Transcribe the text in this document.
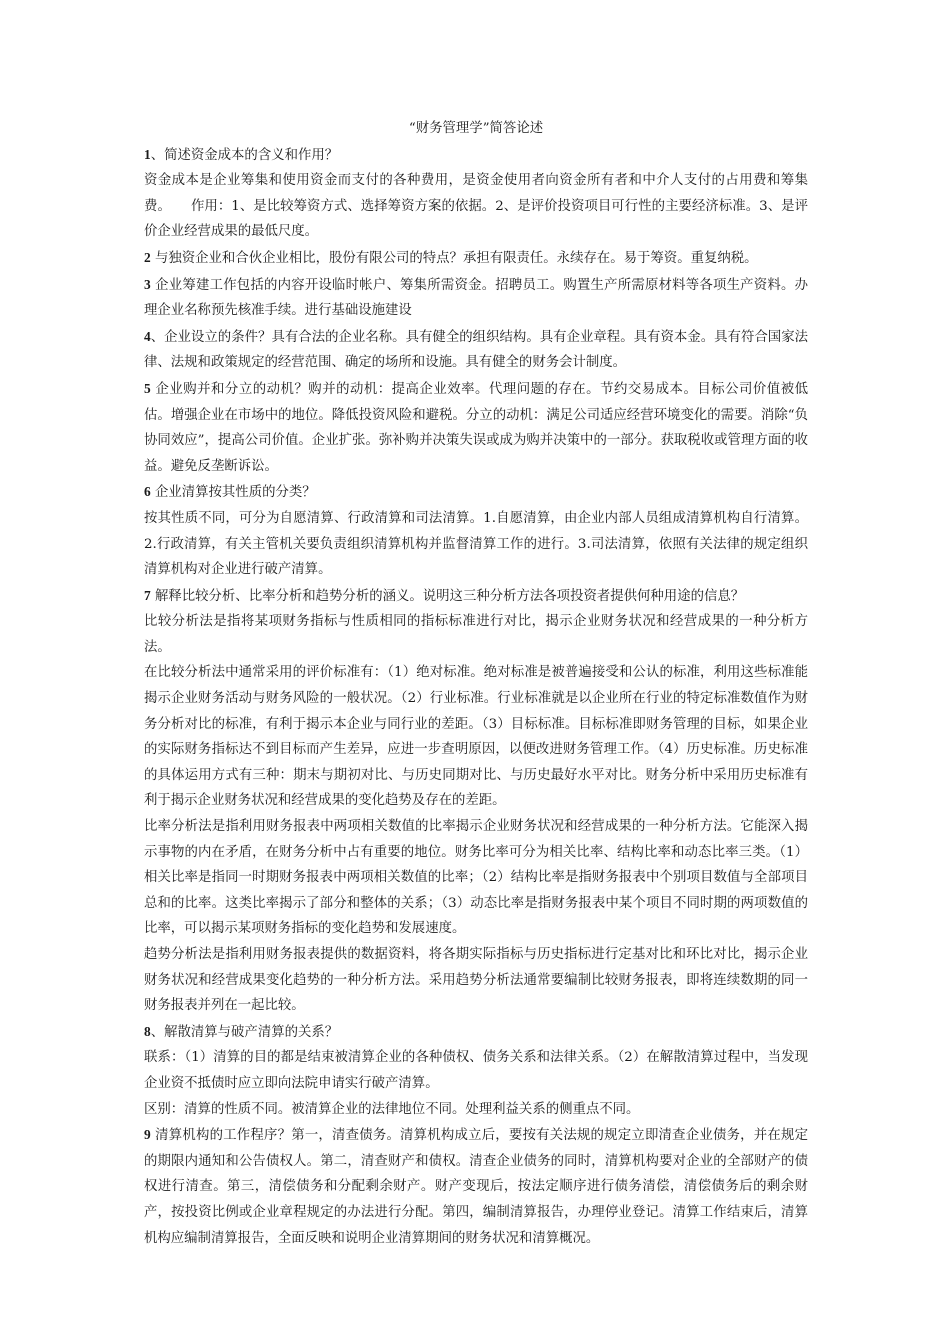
“财务管理学”简答论述

1、简述资金成本的含义和作用？

资金成本是企业筹集和使用资金而支付的各种费用，是资金使用者向资金所有者和中介人支付的占用费和筹集费。 作用：1、是比较筹资方式、选择筹资方案的依据。2、是评价投资项目可行性的主要经济标准。3、是评价企业经营成果的最低尺度。

2 与独资企业和合伙企业相比，股份有限公司的特点？承担有限责任。永续存在。易于筹资。重复纳税。

3 企业筹建工作包括的内容开设临时帐户、筹集所需资金。招聘员工。购置生产所需原材料等各项生产资料。办理企业名称预先核准手续。进行基础设施建设

4、企业设立的条件？具有合法的企业名称。具有健全的组织结构。具有企业章程。具有资本金。具有符合国家法律、法规和政策规定的经营范围、确定的场所和设施。具有健全的财务会计制度。

5 企业购并和分立的动机？购并的动机：提高企业效率。代理问题的存在。节约交易成本。目标公司价值被低估。增强企业在市场中的地位。降低投资风险和避税。分立的动机：满足公司适应经营环境变化的需要。消除“负协同效应”，提高公司价值。企业扩张。弥补购并决策失误或成为购并决策中的一部分。获取税收或管理方面的收益。避免反垄断诉讼。

6 企业清算按其性质的分类？

按其性质不同，可分为自愿清算、行政清算和司法清算。1.自愿清算，由企业内部人员组成清算机构自行清算。2.行政清算，有关主管机关要负责组织清算机构并监督清算工作的进行。3.司法清算，依照有关法律的规定组织清算机构对企业进行破产清算。

7 解释比较分析、比率分析和趋势分析的涵义。说明这三种分析方法各项投资者提供何种用途的信息？

比较分析法是指将某项财务指标与性质相同的指标标准进行对比，揭示企业财务状况和经营成果的一种分析方法。

在比较分析法中通常采用的评价标准有：（1）绝对标准。绝对标准是被普遍接受和公认的标准，利用这些标准能揭示企业财务活动与财务风险的一般状况。（2）行业标准。行业标准就是以企业所在行业的特定标准数值作为财务分析对比的标准，有利于揭示本企业与同行业的差距。（3）目标标准。目标标准即财务管理的目标，如果企业的实际财务指标达不到目标而产生差异，应进一步查明原因，以便改进财务管理工作。（4）历史标准。历史标准的具体运用方式有三种：期末与期初对比、与历史同期对比、与历史最好水平对比。财务分析中采用历史标准有利于揭示企业财务状况和经营成果的变化趋势及存在的差距。

比率分析法是指利用财务报表中两项相关数值的比率揭示企业财务状况和经营成果的一种分析方法。它能深入揭示事物的内在矛盾，在财务分析中占有重要的地位。财务比率可分为相关比率、结构比率和动态比率三类。（1）相关比率是指同一时期财务报表中两项相关数值的比率；（2）结构比率是指财务报表中个别项目数值与全部项目总和的比率。这类比率揭示了部分和整体的关系；（3）动态比率是指财务报表中某个项目不同时期的两项数值的比率，可以揭示某项财务指标的变化趋势和发展速度。

趋势分析法是指利用财务报表提供的数据资料，将各期实际指标与历史指标进行定基对比和环比对比，揭示企业财务状况和经营成果变化趋势的一种分析方法。采用趋势分析法通常要编制比较财务报表，即将连续数期的同一财务报表并列在一起比较。

8、解散清算与破产清算的关系？

联系：（1）清算的目的都是结束被清算企业的各种债权、债务关系和法律关系。（2）在解散清算过程中，当发现企业资不抵债时应立即向法院申请实行破产清算。

区别：清算的性质不同。被清算企业的法律地位不同。处理利益关系的侧重点不同。

9 清算机构的工作程序？第一，清查债务。清算机构成立后，要按有关法规的规定立即清查企业债务，并在规定的期限内通知和公告债权人。第二，清查财产和债权。清查企业债务的同时，清算机构要对企业的全部财产的债权进行清查。第三，清偿债务和分配剩余财产。财产变现后，按法定顺序进行债务清偿，清偿债务后的剩余财产，按投资比例或企业章程规定的办法进行分配。第四，编制清算报告，办理停业登记。清算工作结束后，清算机构应编制清算报告，全面反映和说明企业清算期间的财务状况和清算概况。
